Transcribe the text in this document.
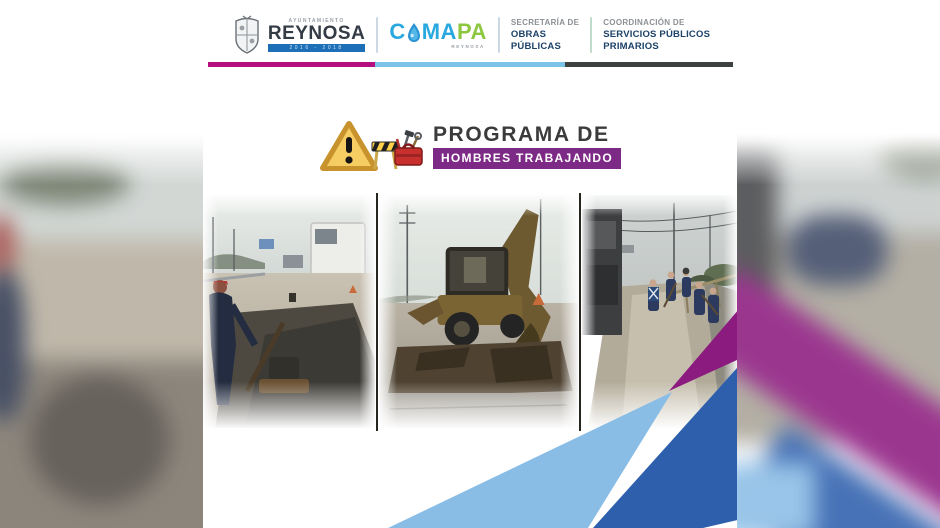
AYUNTAMIENTO
REYNOSA
2016 - 2018
C MA PA
REYNOSA
SECRETARÍA DE
OBRAS
PÚBLICAS
COORDINACIÓN DE
SERVICIOS PÚBLICOS
PRIMARIOS
PROGRAMA DE
HOMBRES TRABAJANDO
